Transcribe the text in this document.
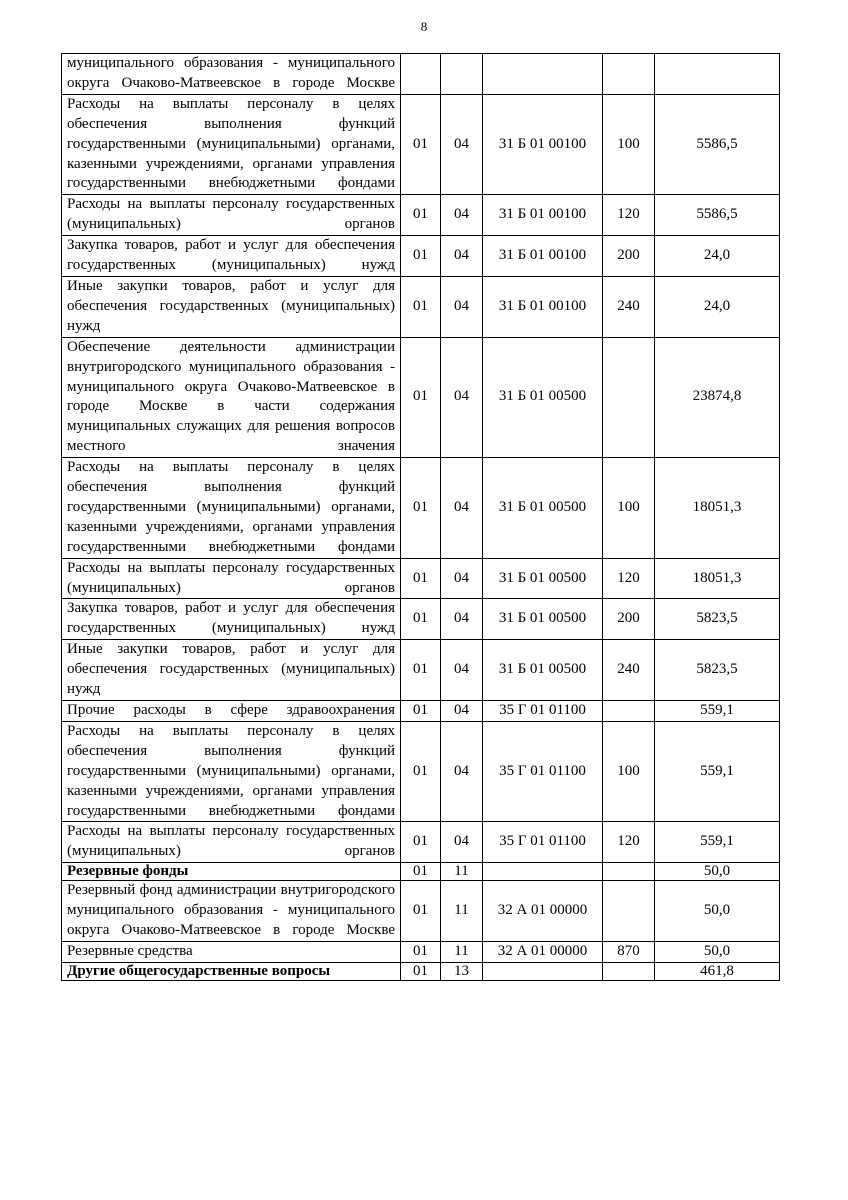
8
муниципального образования - муниципального округа Очаково-Матвеевское в городе Москве					
Расходы на выплаты персоналу в целях обеспечения выполнения функций государственными (муниципальными) органами, казенными учреждениями, органами управления государственными внебюджетными фондами	01	04	31 Б 01 00100	100	5586,5
Расходы на выплаты персоналу государственных (муниципальных) органов	01	04	31 Б 01 00100	120	5586,5
Закупка товаров, работ и услуг для обеспечения государственных (муниципальных) нужд	01	04	31 Б 01 00100	200	24,0
Иные закупки товаров, работ и услуг для обеспечения государственных (муниципальных) нужд	01	04	31 Б 01 00100	240	24,0
Обеспечение деятельности администрации внутригородского муниципального образования - муниципального округа Очаково-Матвеевское в городе Москве в части содержания муниципальных служащих для решения вопросов местного значения	01	04	31 Б 01 00500		23874,8
Расходы на выплаты персоналу в целях обеспечения выполнения функций государственными (муниципальными) органами, казенными учреждениями, органами управления государственными внебюджетными фондами	01	04	31 Б 01 00500	100	18051,3
Расходы на выплаты персоналу государственных (муниципальных) органов	01	04	31 Б 01 00500	120	18051,3
Закупка товаров, работ и услуг для обеспечения государственных (муниципальных) нужд	01	04	31 Б 01 00500	200	5823,5
Иные закупки товаров, работ и услуг для обеспечения государственных (муниципальных) нужд	01	04	31 Б 01 00500	240	5823,5
Прочие расходы в сфере здравоохранения	01	04	35 Г 01 01100		559,1
Расходы на выплаты персоналу в целях обеспечения выполнения функций государственными (муниципальными) органами, казенными учреждениями, органами управления государственными внебюджетными фондами	01	04	35 Г 01 01100	100	559,1
Расходы на выплаты персоналу государственных (муниципальных) органов	01	04	35 Г 01 01100	120	559,1
Резервные фонды	01	11			50,0
Резервный фонд администрации внутригородского муниципального образования - муниципального округа Очаково-Матвеевское в городе Москве	01	11	32 А 01 00000		50,0
Резервные средства	01	11	32 А 01 00000	870	50,0
Другие общегосударственные вопросы	01	13			461,8
